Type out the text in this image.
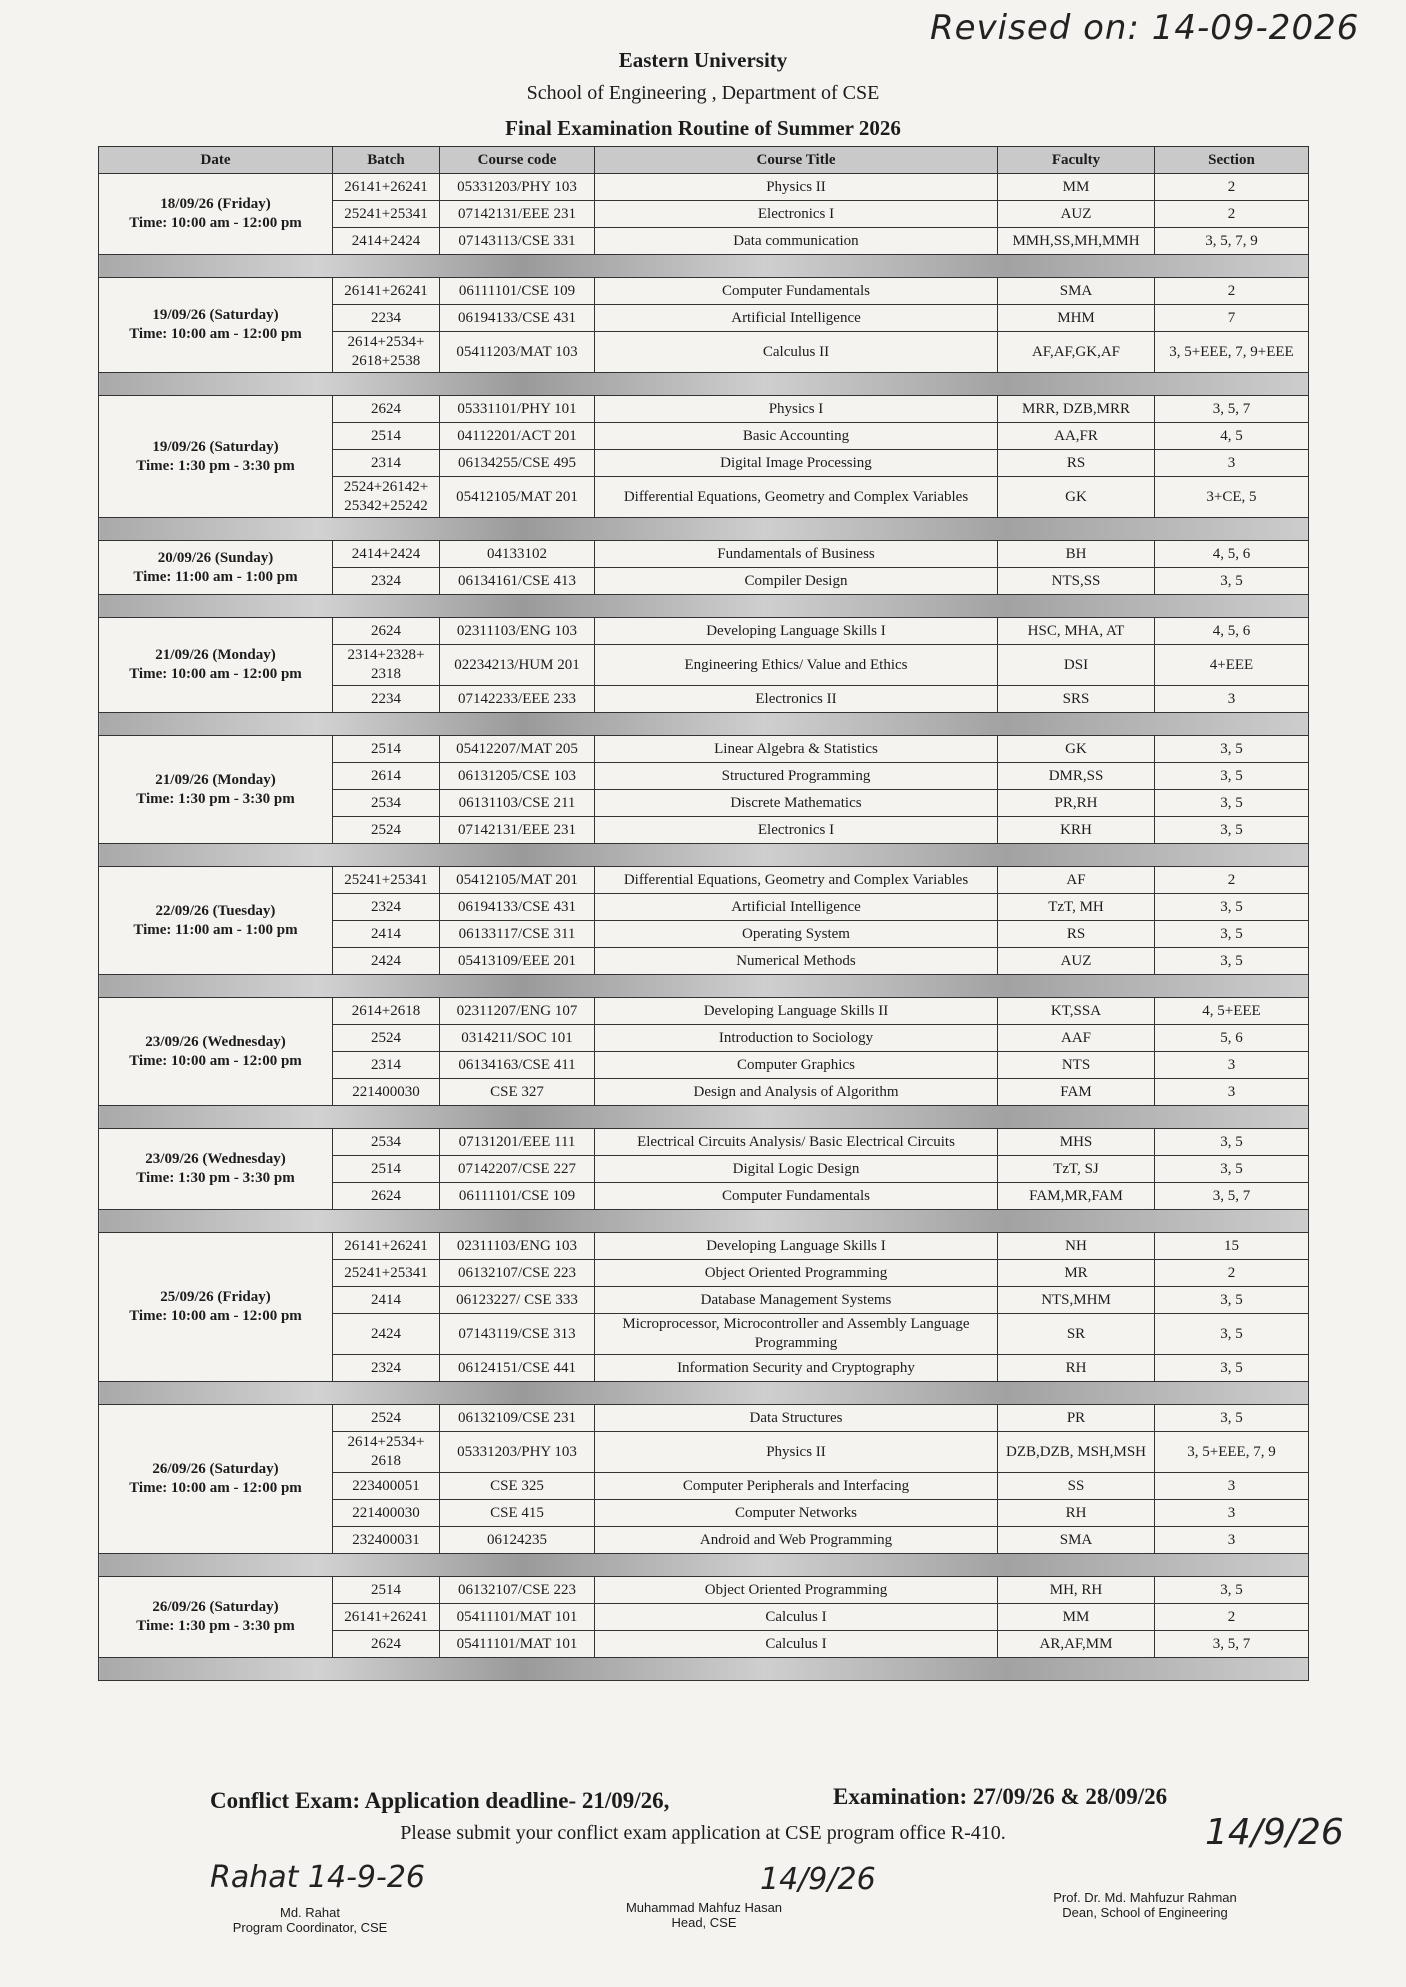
Revised on: 14-09-2026
Eastern University
School of Engineering , Department of CSE
Final Examination Routine of Summer 2026
Date	Batch	Course code	Course Title	Faculty	Section

18/09/26 (Friday)
Time: 10:00 am - 12:00 pm	26141+26241	05331203/PHY 103	Physics II	MM	2
	25241+25341	07142131/EEE 231	Electronics I	AUZ	2
	2414+2424	07143113/CSE 331	Data communication	MMH,SS,MH,MMH	3, 5, 7, 9

19/09/26 (Saturday)
Time: 10:00 am - 12:00 pm	26141+26241	06111101/CSE 109	Computer Fundamentals	SMA	2
	2234	06194133/CSE 431	Artificial Intelligence	MHM	7
	2614+2534+ 2618+2538	05411203/MAT 103	Calculus II	AF,AF,GK,AF	3, 5+EEE, 7, 9+EEE

19/09/26 (Saturday)
Time: 1:30 pm - 3:30 pm	2624	05331101/PHY 101	Physics I	MRR, DZB,MRR	3, 5, 7
	2514	04112201/ACT 201	Basic Accounting	AA,FR	4, 5
	2314	06134255/CSE 495	Digital Image Processing	RS	3
	2524+26142+ 25342+25242	05412105/MAT 201	Differential Equations, Geometry and Complex Variables	GK	3+CE, 5

20/09/26 (Sunday)
Time: 11:00 am - 1:00 pm	2414+2424	04133102	Fundamentals of Business	BH	4, 5, 6
	2324	06134161/CSE 413	Compiler Design	NTS,SS	3, 5

21/09/26 (Monday)
Time: 10:00 am - 12:00 pm	2624	02311103/ENG 103	Developing Language Skills I	HSC, MHA, AT	4, 5, 6
	2314+2328+ 2318	02234213/HUM 201	Engineering Ethics/ Value and Ethics	DSI	4+EEE
	2234	07142233/EEE 233	Electronics II	SRS	3

21/09/26 (Monday)
Time: 1:30 pm - 3:30 pm	2514	05412207/MAT 205	Linear Algebra & Statistics	GK	3, 5
	2614	06131205/CSE 103	Structured Programming	DMR,SS	3, 5
	2534	06131103/CSE 211	Discrete Mathematics	PR,RH	3, 5
	2524	07142131/EEE 231	Electronics I	KRH	3, 5

22/09/26 (Tuesday)
Time: 11:00 am - 1:00 pm	25241+25341	05412105/MAT 201	Differential Equations, Geometry and Complex Variables	AF	2
	2324	06194133/CSE 431	Artificial Intelligence	TzT, MH	3, 5
	2414	06133117/CSE 311	Operating System	RS	3, 5
	2424	05413109/EEE 201	Numerical Methods	AUZ	3, 5

23/09/26 (Wednesday)
Time: 10:00 am - 12:00 pm	2614+2618	02311207/ENG 107	Developing Language Skills II	KT,SSA	4, 5+EEE
	2524	0314211/SOC 101	Introduction to Sociology	AAF	5, 6
	2314	06134163/CSE 411	Computer Graphics	NTS	3
	221400030	CSE 327	Design and Analysis of Algorithm	FAM	3

23/09/26 (Wednesday)
Time: 1:30 pm - 3:30 pm	2534	07131201/EEE 111	Electrical Circuits Analysis/ Basic Electrical Circuits	MHS	3, 5
	2514	07142207/CSE 227	Digital Logic Design	TzT, SJ	3, 5
	2624	06111101/CSE 109	Computer Fundamentals	FAM,MR,FAM	3, 5, 7

25/09/26 (Friday)
Time: 10:00 am - 12:00 pm	26141+26241	02311103/ENG 103	Developing Language Skills I	NH	15
	25241+25341	06132107/CSE 223	Object Oriented Programming	MR	2
	2414	06123227/ CSE 333	Database Management Systems	NTS,MHM	3, 5
	2424	07143119/CSE 313	Microprocessor, Microcontroller and Assembly Language Programming	SR	3, 5
	2324	06124151/CSE 441	Information Security and Cryptography	RH	3, 5

26/09/26 (Saturday)
Time: 10:00 am - 12:00 pm	2524	06132109/CSE 231	Data Structures	PR	3, 5
	2614+2534+ 2618	05331203/PHY 103	Physics II	DZB,DZB, MSH,MSH	3, 5+EEE, 7, 9
	223400051	CSE 325	Computer Peripherals and Interfacing	SS	3
	221400030	CSE 415	Computer Networks	RH	3
	232400031	06124235	Android and Web Programming	SMA	3

26/09/26 (Saturday)
Time: 1:30 pm - 3:30 pm	2514	06132107/CSE 223	Object Oriented Programming	MH, RH	3, 5
	26141+26241	05411101/MAT 101	Calculus I	MM	2
	2624	05411101/MAT 101	Calculus I	AR,AF,MM	3, 5, 7

Conflict Exam: Application deadline- 21/09/26,	Examination: 27/09/26 & 28/09/26
Please submit your conflict exam application at CSE program office R-410.
Rahat 14-9-26
Md. Rahat
Program Coordinator, CSE
14/9/26
Muhammad Mahfuz Hasan
Head, CSE
14/9/26
Prof. Dr. Md. Mahfuzur Rahman
Dean, School of Engineering
